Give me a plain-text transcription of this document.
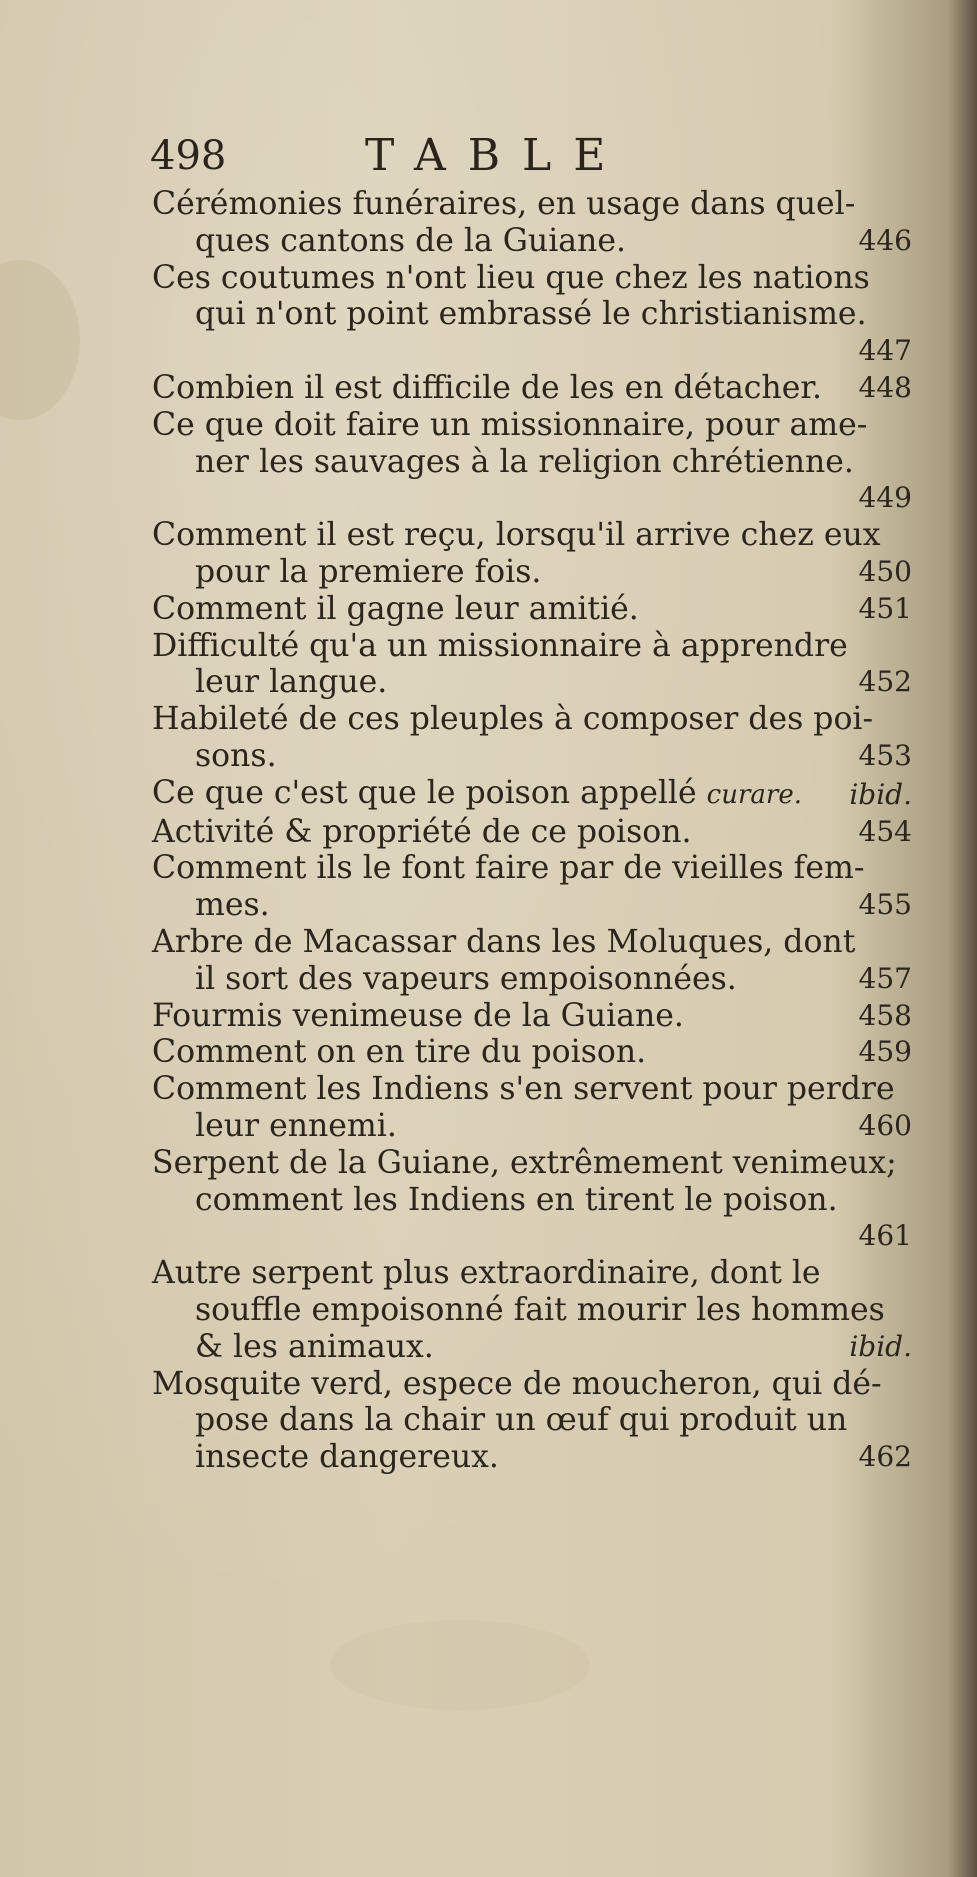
498	TABLE

Cérémonies funéraires, en usage dans quel-

ques cantons de la Guiane.	446

Ces coutumes n'ont lieu que chez les nations

qui n'ont point embrassé le christianisme.

447

Combien il est difficile de les en détacher.	448

Ce que doit faire un missionnaire, pour ame-

ner les sauvages à la religion chrétienne.

449

Comment il est reçu, lorsqu'il arrive chez eux

pour la premiere fois.	450

Comment il gagne leur amitié.	451

Difficulté qu'a un missionnaire à apprendre

leur langue.	452

Habileté de ces pleuples à composer des poi-

sons.	453

Ce que c'est que le poison appellé curare.	ibid.

Activité & propriété de ce poison.	454

Comment ils le font faire par de vieilles fem-

mes.	455

Arbre de Macassar dans les Moluques, dont

il sort des vapeurs empoisonnées.	457

Fourmis venimeuse de la Guiane.	458

Comment on en tire du poison.	459

Comment les Indiens s'en servent pour perdre

leur ennemi.	460

Serpent de la Guiane, extrêmement venimeux;

comment les Indiens en tirent le poison.

461

Autre serpent plus extraordinaire, dont le

souffle empoisonné fait mourir les hommes

& les animaux.	ibid.

Mosquite verd, espece de moucheron, qui dé-

pose dans la chair un œuf qui produit un

insecte dangereux.	462
